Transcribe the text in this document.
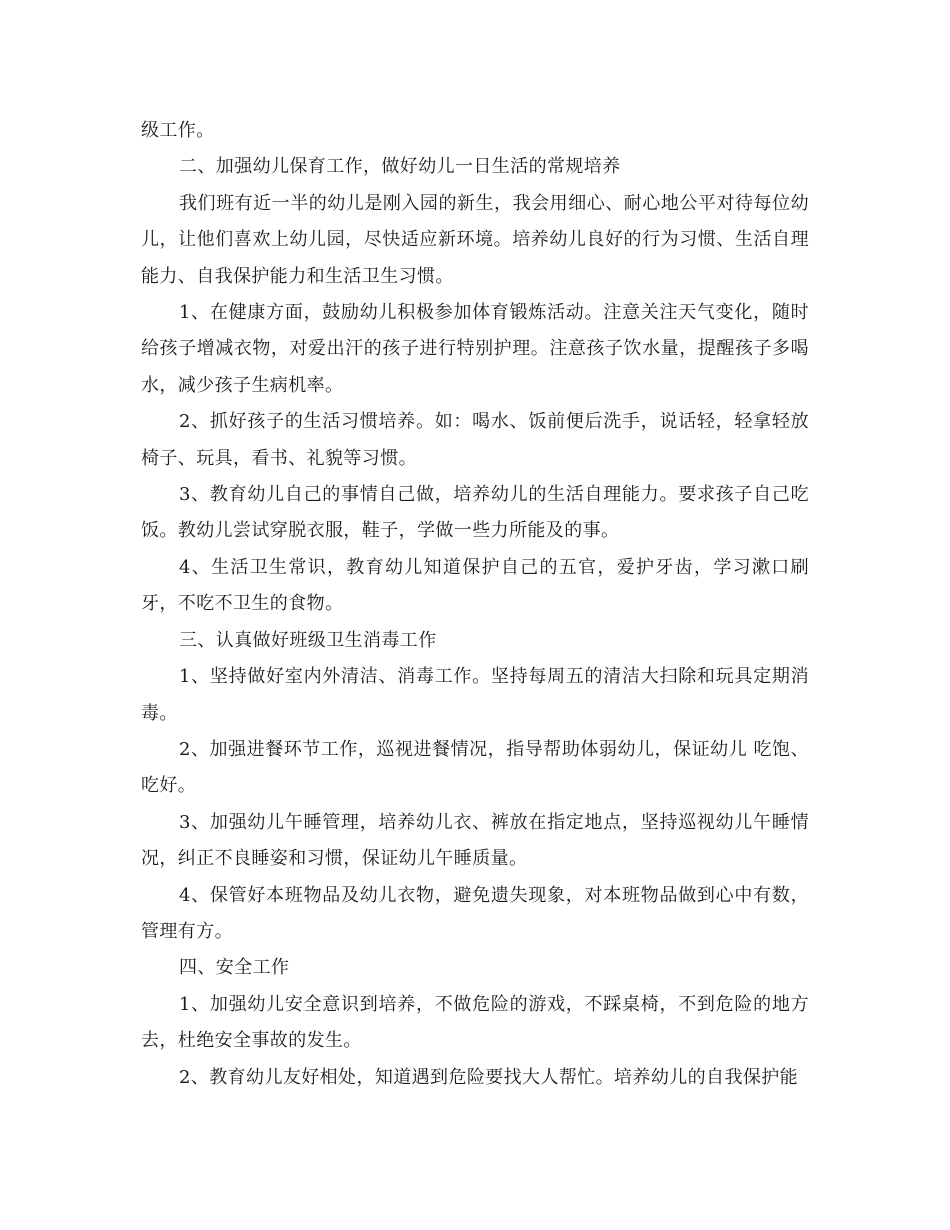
级工作。

二、加强幼儿保育工作，做好幼儿一日生活的常规培养

我们班有近一半的幼儿是刚入园的新生，我会用细心、耐心地公平对待每位幼儿，让他们喜欢上幼儿园，尽快适应新环境。培养幼儿良好的行为习惯、生活自理能力、自我保护能力和生活卫生习惯。

1、在健康方面，鼓励幼儿积极参加体育锻炼活动。注意关注天气变化，随时给孩子增减衣物，对爱出汗的孩子进行特别护理。注意孩子饮水量，提醒孩子多喝水，减少孩子生病机率。

2、抓好孩子的生活习惯培养。如：喝水、饭前便后洗手，说话轻，轻拿轻放椅子、玩具，看书、礼貌等习惯。

3、教育幼儿自己的事情自己做，培养幼儿的生活自理能力。要求孩子自己吃饭。教幼儿尝试穿脱衣服，鞋子，学做一些力所能及的事。

4、生活卫生常识，教育幼儿知道保护自己的五官，爱护牙齿，学习漱口刷牙，不吃不卫生的食物。

三、认真做好班级卫生消毒工作

1、坚持做好室内外清洁、消毒工作。坚持每周五的清洁大扫除和玩具定期消毒。

2、加强进餐环节工作，巡视进餐情况，指导帮助体弱幼儿，保证幼儿 吃饱、吃好。

3、加强幼儿午睡管理，培养幼儿衣、裤放在指定地点，坚持巡视幼儿午睡情况，纠正不良睡姿和习惯，保证幼儿午睡质量。

4、保管好本班物品及幼儿衣物，避免遗失现象，对本班物品做到心中有数，管理有方。

四、安全工作

1、加强幼儿安全意识到培养，不做危险的游戏，不踩桌椅，不到危险的地方去，杜绝安全事故的发生。

2、教育幼儿友好相处，知道遇到危险要找大人帮忙。培养幼儿的自我保护能
